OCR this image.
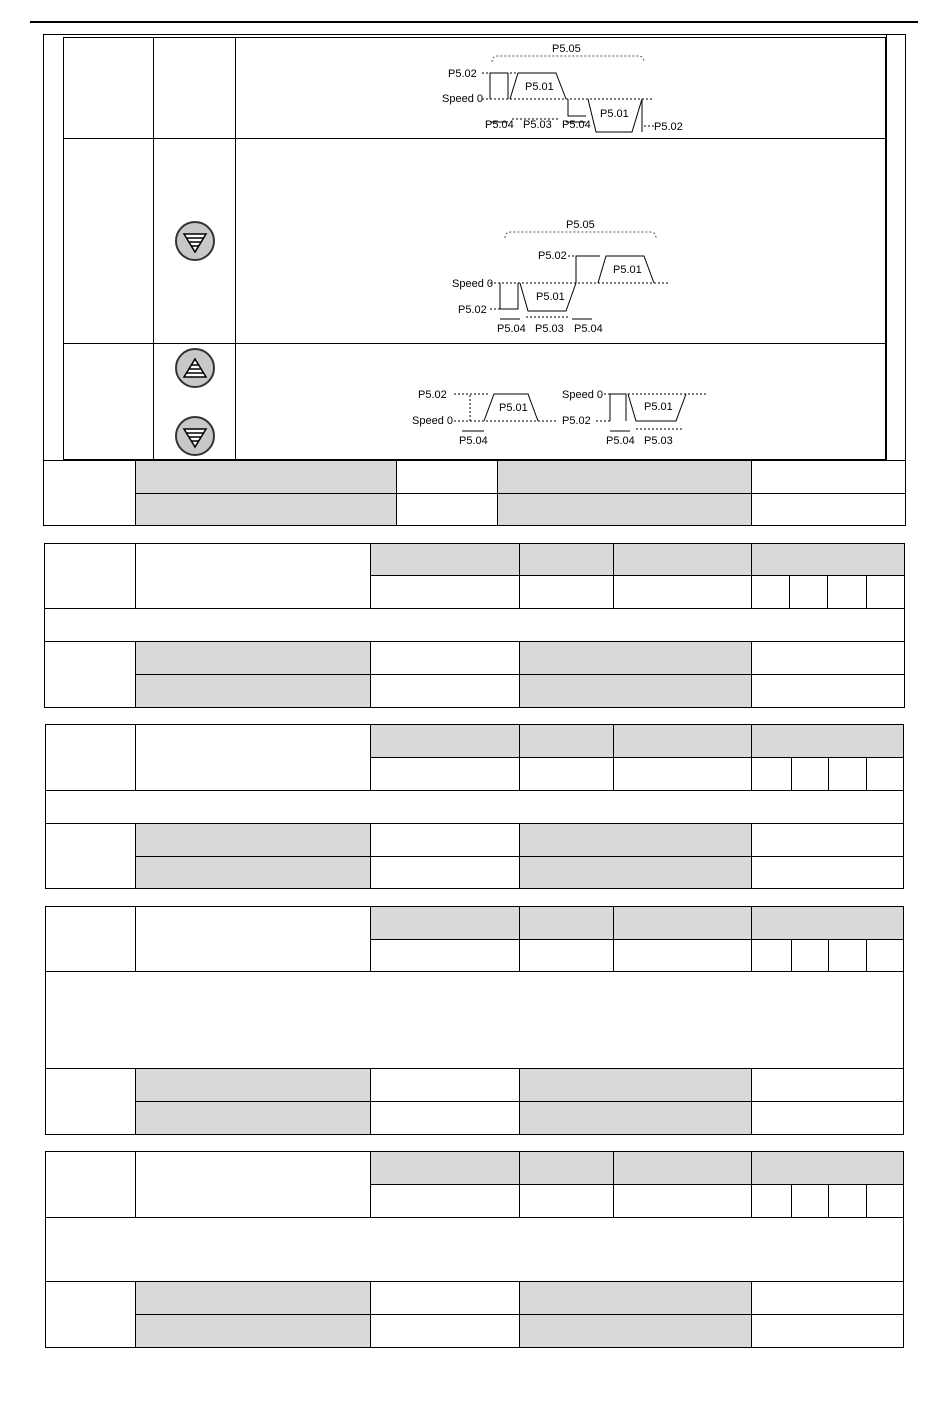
P5.05
P5.02
Speed 0
P5.01
P5.01
P5.04 P5.03 P5.04	P5.02
P5.05
P5.02
P5.01
Speed 0
P5.01
P5.02
P5.04 P5.03 P5.04
P5.02
P5.01
Speed 0
P5.04
Speed 0
P5.01
P5.02
P5.04 P5.03
